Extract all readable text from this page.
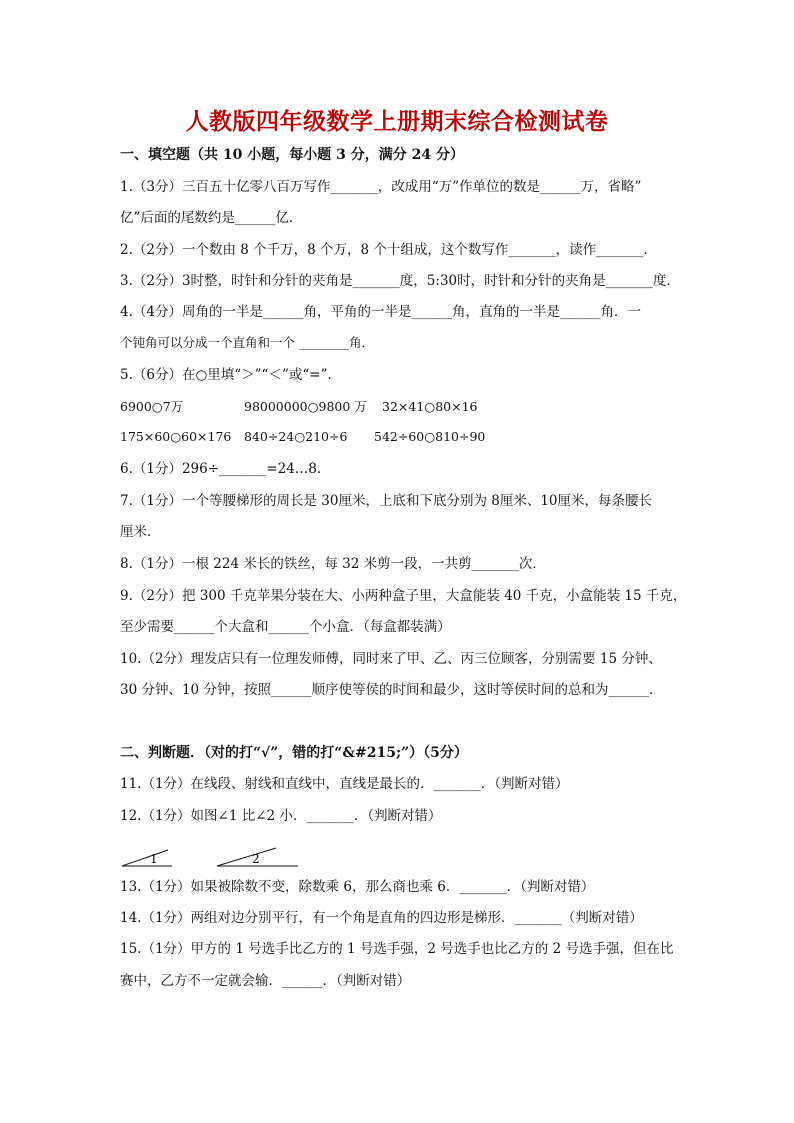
人教版四年级数学上册期末综合检测试卷
一、填空题（共 10 小题，每小题 3 分，满分 24 分）
1.（3分）三百五十亿零八百万写作_______，改成用“万”作单位的数是______万，省略”
亿”后面的尾数约是______亿．
2.（2分）一个数由 8 个千万，8 个万，8 个十组成，这个数写作_______，读作_______．
3.（2分）3时整，时针和分针的夹角是_______度，5:30时，时针和分针的夹角是_______度．
4.（4分）周角的一半是______角，平角的一半是______角，直角的一半是______角．一
个钝角可以分成一个直角和一个 ________角．
5.（6分）在○里填“＞”“＜”或“=”．
6900○7万	98000000○9800 万 32×41○80×16
175×60○60×176 840÷24○210÷6 542÷60○810÷90
6.（1分）296÷_______=24…8．
7.（1分）一个等腰梯形的周长是 30厘米，上底和下底分别为 8厘米、10厘米，每条腰长
厘米．
8.（1分）一根 224 米长的铁丝，每 32 米剪一段，一共剪_______次．
9.（2分）把 300 千克苹果分装在大、小两种盒子里，大盒能装 40 千克，小盒能装 15 千克，
至少需要______个大盒和______个小盒．（每盒都装满）
10.（2分）理发店只有一位理发师傅，同时来了甲、乙、丙三位顾客，分别需要 15 分钟、
30 分钟、10 分钟，按照______顺序使等侯的时间和最少，这时等侯时间的总和为______．
二、判断题．（对的打“√”，错的打“&#215;”）（5分）
11.（1分）在线段、射线和直线中，直线是最长的．_______．（判断对错）
12.（1分）如图∠1 比∠2 小．_______．（判断对错）
1	2
13.（1分）如果被除数不变，除数乘 6，那么商也乘 6．_______．（判断对错）
14.（1分）两组对边分别平行，有一个角是直角的四边形是梯形．_______（判断对错）
15.（1分）甲方的 1 号选手比乙方的 1 号选手强，2 号选手也比乙方的 2 号选手强，但在比
赛中，乙方不一定就会输．______．（判断对错）
